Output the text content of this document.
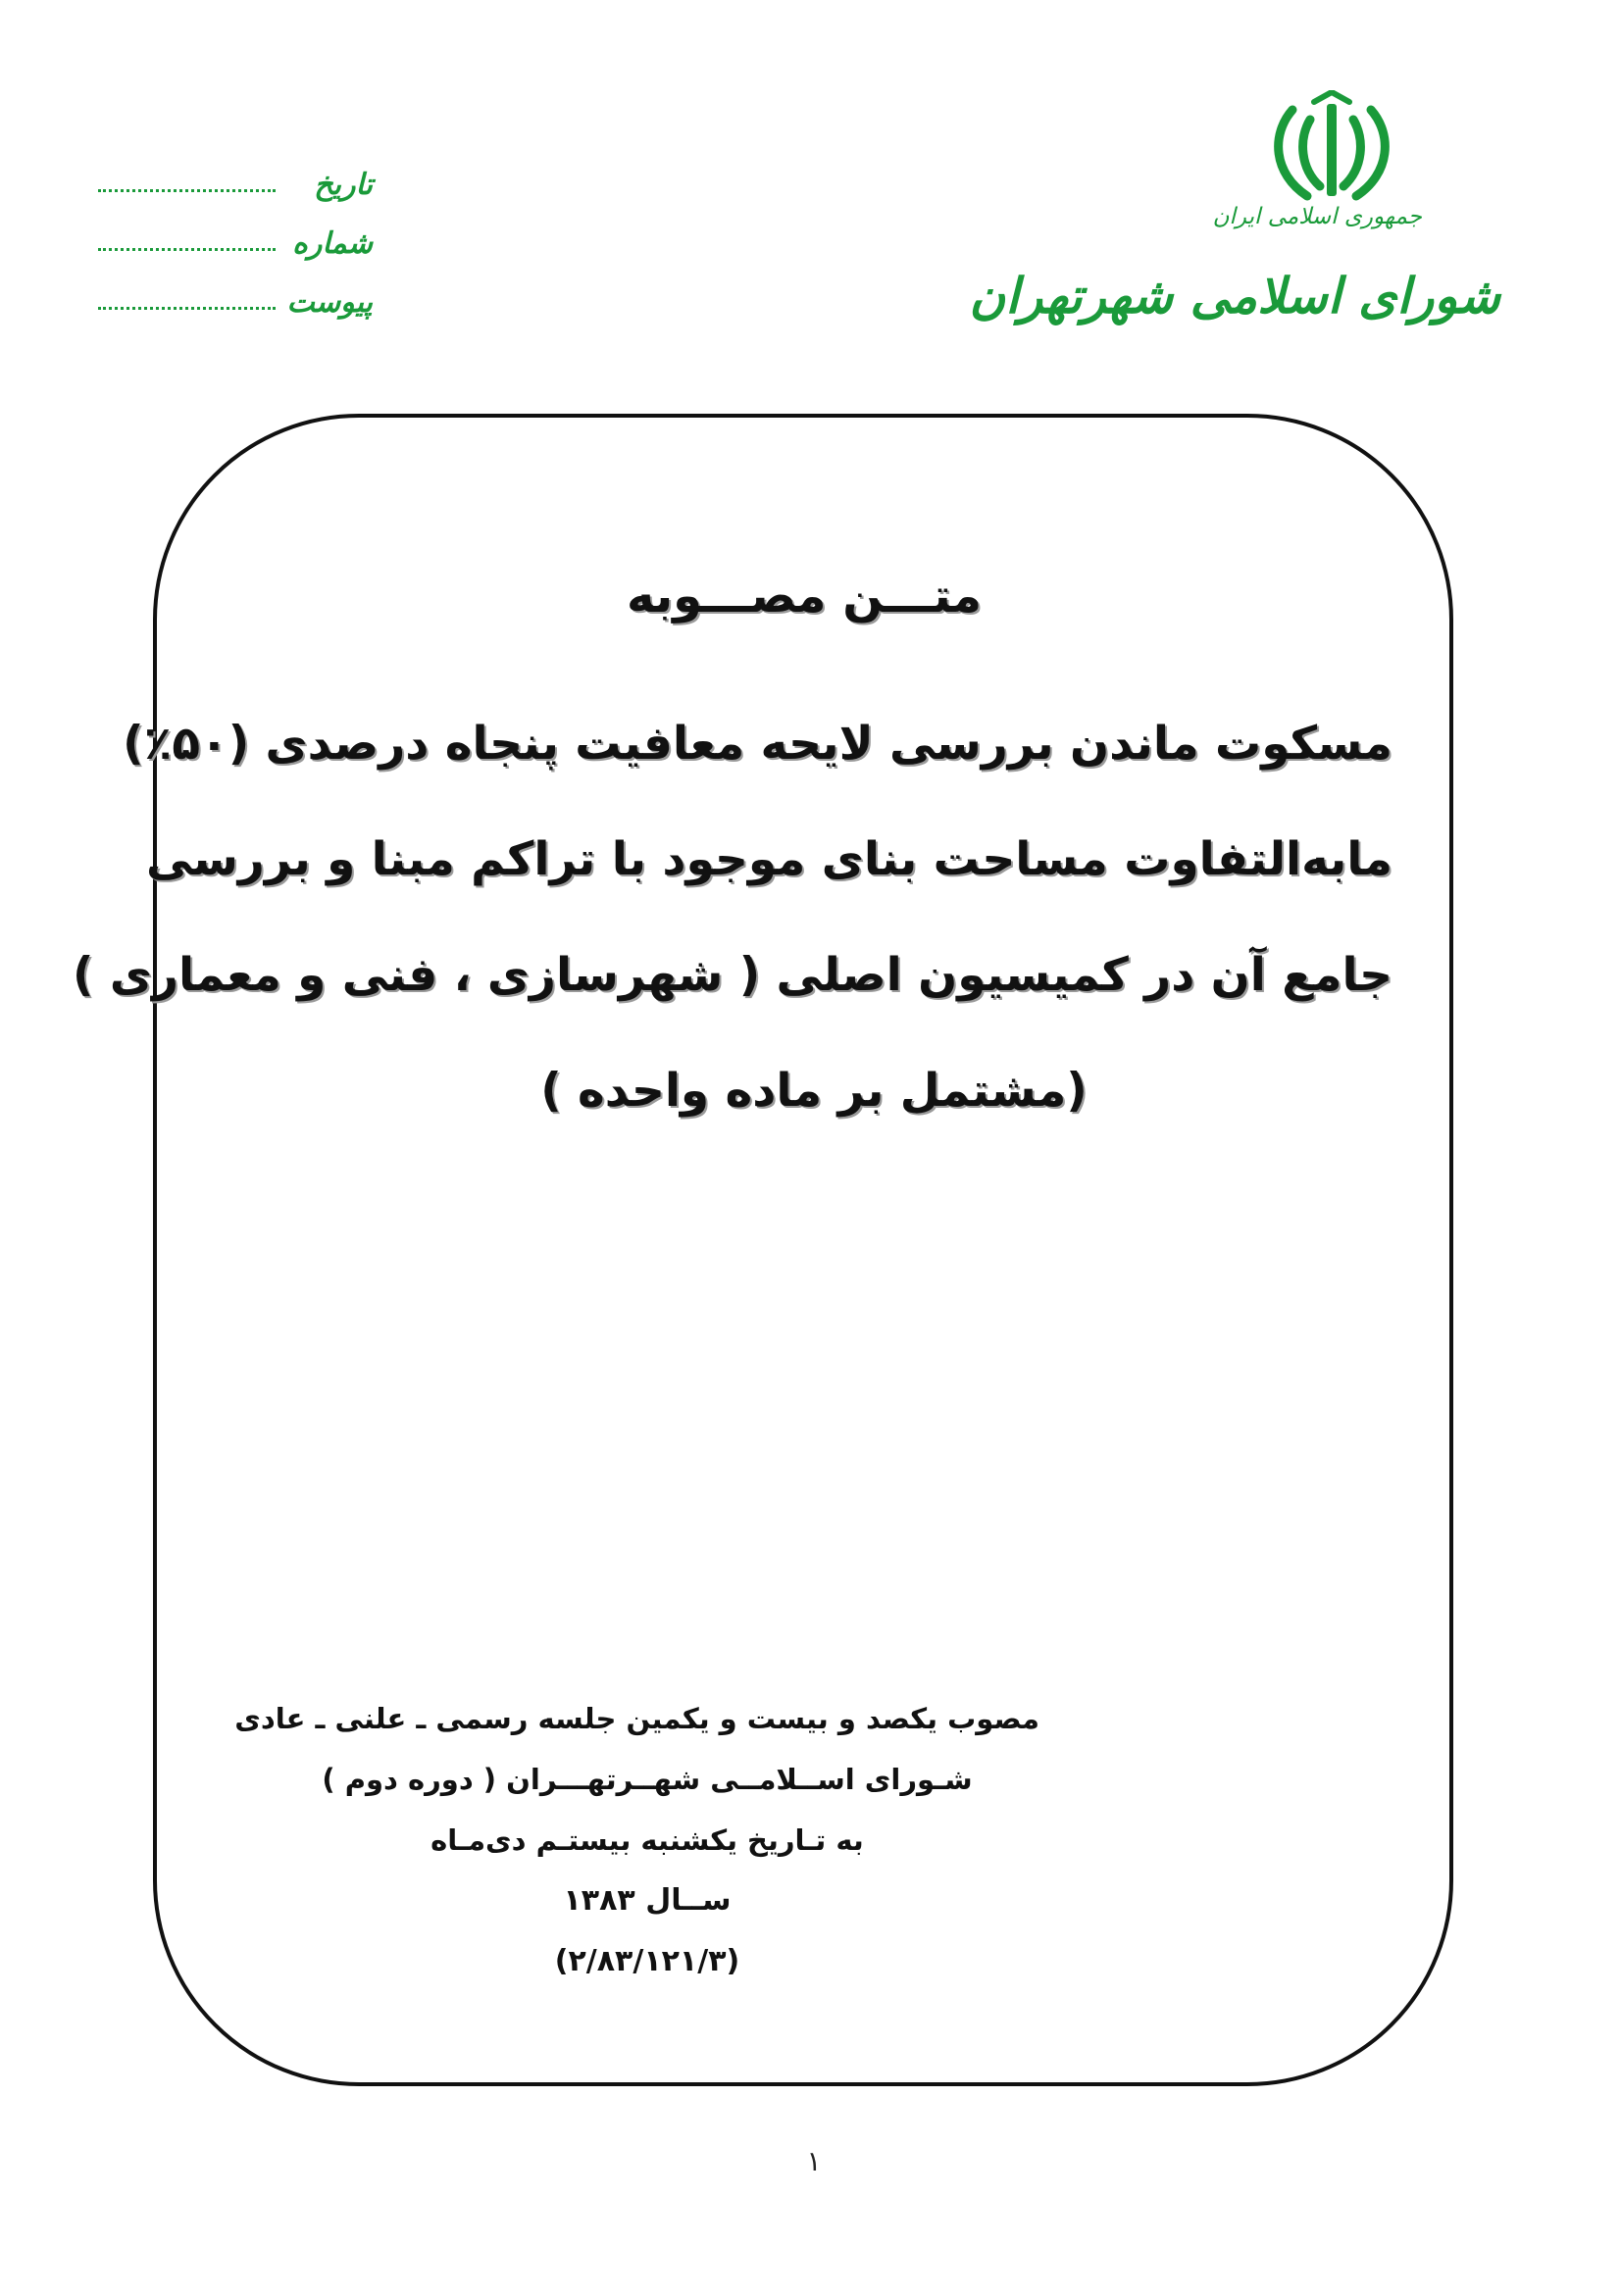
جمهوری اسلامی ایران
شورای اسلامی شهرتهران
تاریخ
شماره
پیوست
متـــن مصـــوبه
مسکوت ماندن بررسی لایحه معافیت پنجاه درصدی (۵۰٪)
مابه‌التفاوت مساحت بنای موجود با تراکم مبنا و بررسی
جامع آن در کمیسیون اصلی ( شهرسازی ، فنی و معماری )
(مشتمل بر ماده واحده )
مصوب یکصد و بیست و یکمین جلسه رسمی ـ علنی ـ عادی
شـورای اســلامــی شهــرتهـــران ( دوره دوم )
به تـاریخ یکشنبه بیستـم دی‌مـاه
ســال ۱۳۸۳
(۲/۸۳/۱۲۱/۳)
۱
